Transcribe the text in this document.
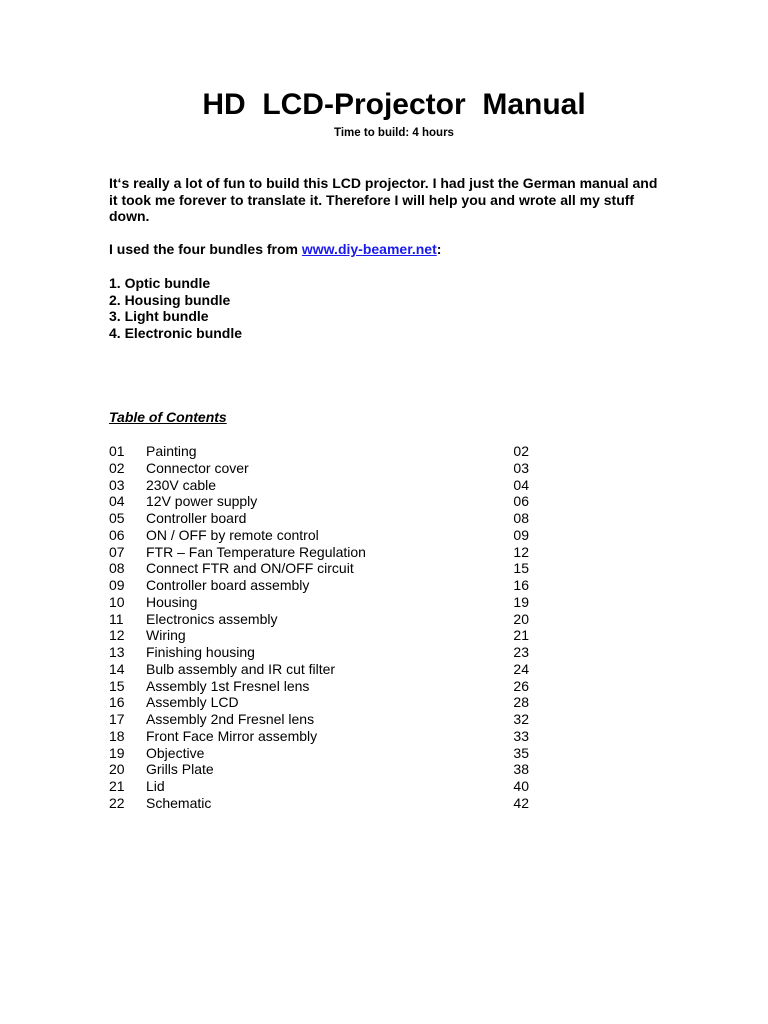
HD  LCD-Projector  Manual
Time to build: 4 hours

It‘s really a lot of fun to build this LCD projector. I had just the German manual and it took me forever to translate it. Therefore I will help you and wrote all my stuff down.

I used the four bundles from www.diy-beamer.net:

1. Optic bundle
2. Housing bundle
3. Light bundle
4. Electronic bundle
Table of Contents
01 Painting	02
02 Connector cover	03
03 230V cable	04
04 12V power supply	06
05 Controller board	08
06 ON / OFF by remote control	09
07 FTR – Fan Temperature Regulation	12
08 Connect FTR and ON/OFF circuit	15
09 Controller board assembly	16
10 Housing	19
11 Electronics assembly	20
12 Wiring	21
13 Finishing housing	23
14 Bulb assembly and IR cut filter	24
15 Assembly 1st Fresnel lens	26
16 Assembly LCD	28
17 Assembly 2nd Fresnel lens	32
18 Front Face Mirror assembly	33
19 Objective	35
20 Grills Plate	38
21 Lid	40
22 Schematic	42
